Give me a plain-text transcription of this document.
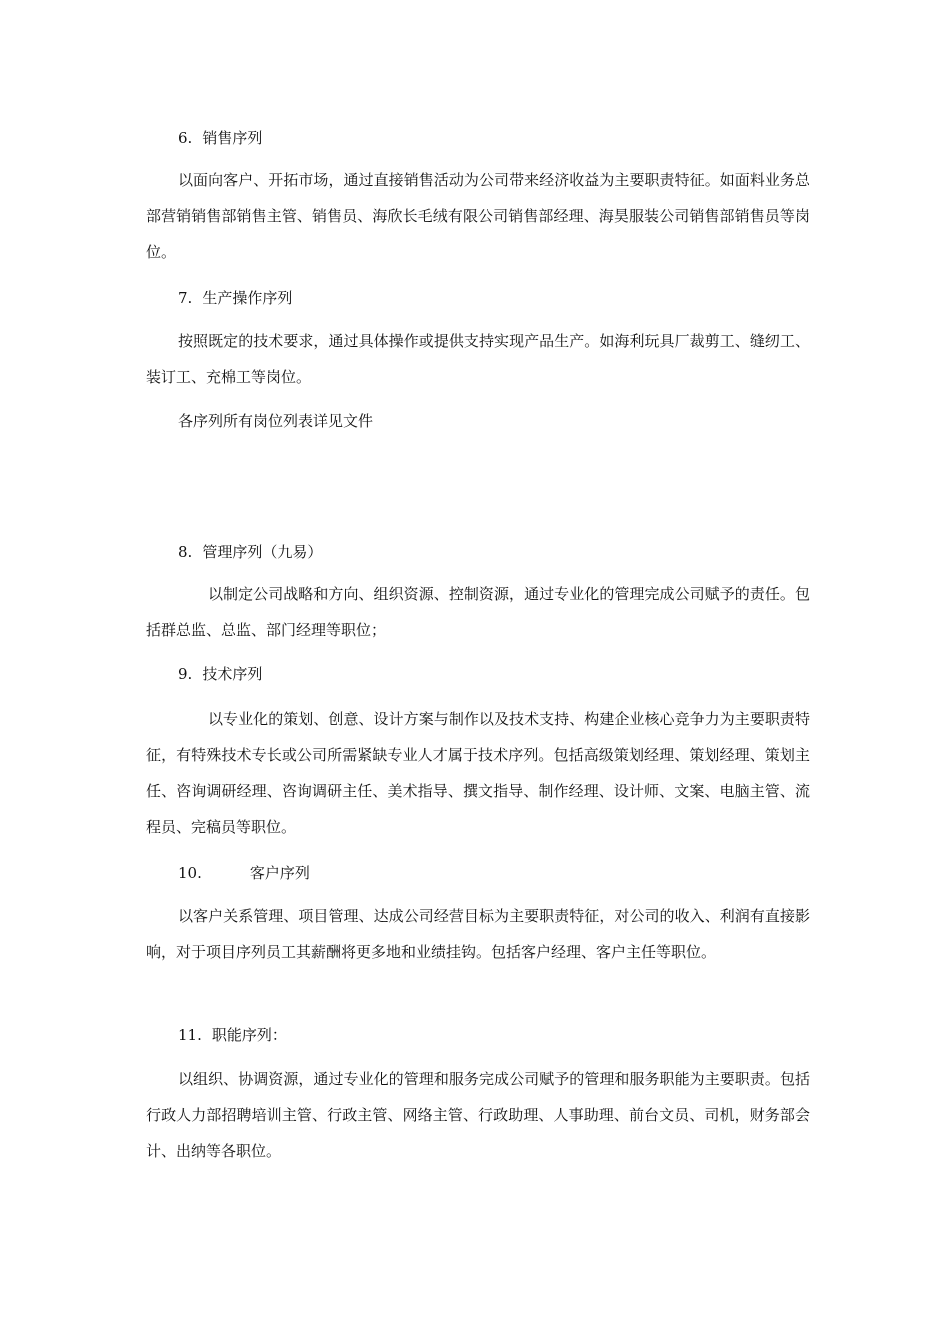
6. 销售序列

以面向客户、开拓市场，通过直接销售活动为公司带来经济收益为主要职责特征。如面料业务总部营销销售部销售主管、销售员、海欣长毛绒有限公司销售部经理、海昊服装公司销售部销售员等岗位。

7. 生产操作序列

按照既定的技术要求，通过具体操作或提供支持实现产品生产。如海利玩具厂裁剪工、缝纫工、装订工、充棉工等岗位。

各序列所有岗位列表详见文件
8. 管理序列（九易）

以制定公司战略和方向、组织资源、控制资源，通过专业化的管理完成公司赋予的责任。包括群总监、总监、部门经理等职位；

9. 技术序列

以专业化的策划、创意、设计方案与制作以及技术支持、构建企业核心竞争力为主要职责特征，有特殊技术专长或公司所需紧缺专业人才属于技术序列。包括高级策划经理、策划经理、策划主任、咨询调研经理、咨询调研主任、美术指导、撰文指导、制作经理、设计师、文案、电脑主管、流程员、完稿员等职位。

10.	客户序列

以客户关系管理、项目管理、达成公司经营目标为主要职责特征，对公司的收入、利润有直接影响，对于项目序列员工其薪酬将更多地和业绩挂钩。包括客户经理、客户主任等职位。

11. 职能序列：

以组织、协调资源，通过专业化的管理和服务完成公司赋予的管理和服务职能为主要职责。包括行政人力部招聘培训主管、行政主管、网络主管、行政助理、人事助理、前台文员、司机，财务部会计、出纳等各职位。
